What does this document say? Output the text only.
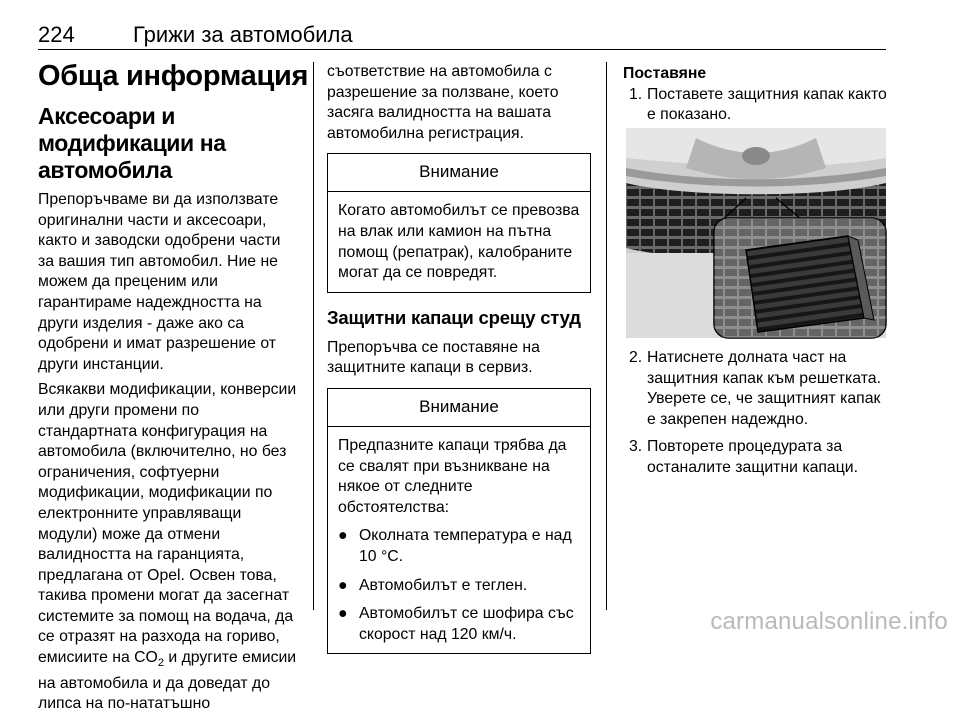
224	Грижи за автомобила
Обща информация
Аксесоари и модификации на автомобила

Препоръчваме ви да използвате оригинални части и аксесоари, както и заводски одобрени части за вашия тип автомобил. Ние не можем да преценим или гарантираме надеждността на други изделия - даже ако са одобрени и имат разрешение от други инстанции.

Всякакви модификации, конверсии или други промени по стандартната конфигурация на автомобила (включително, но без ограничения, софтуерни модификации, модификации по електронните управляващи модули) може да отмени валидността на гаранцията, предлагана от Opel. Освен това, такива промени могат да засегнат системите за помощ на водача, да се отразят на разхода на гориво, емисиите на $CO_2$ и другите емисии на автомобила и да доведат до липса на по-нататъшно

съответствие на автомобила с разрешение за ползване, което засяга валидността на вашата автомобилна регистрация.

Внимание
Когато автомобилът се превозва на влак или камион на пътна помощ (репатрак), калобраните могат да се повредят.
Защитни капаци срещу студ

Препоръчва се поставяне на защитните капаци в сервиз.

Внимание

Предпазните капаци трябва да се свалят при възникване на някое от следните обстоятелства:

● Околната температура е над 10 °C.
● Автомобилът е теглен.
● Автомобилът се шофира със скорост над 120 км/ч.
Поставяне
1. Поставете защитния капак както е показано.
2. Натиснете долната част на защитния капак към решетката. Уверете се, че защитният капак е закрепен надеждно.
3. Повторете процедурата за останалите защитни капаци.
carmanualsonline.info
